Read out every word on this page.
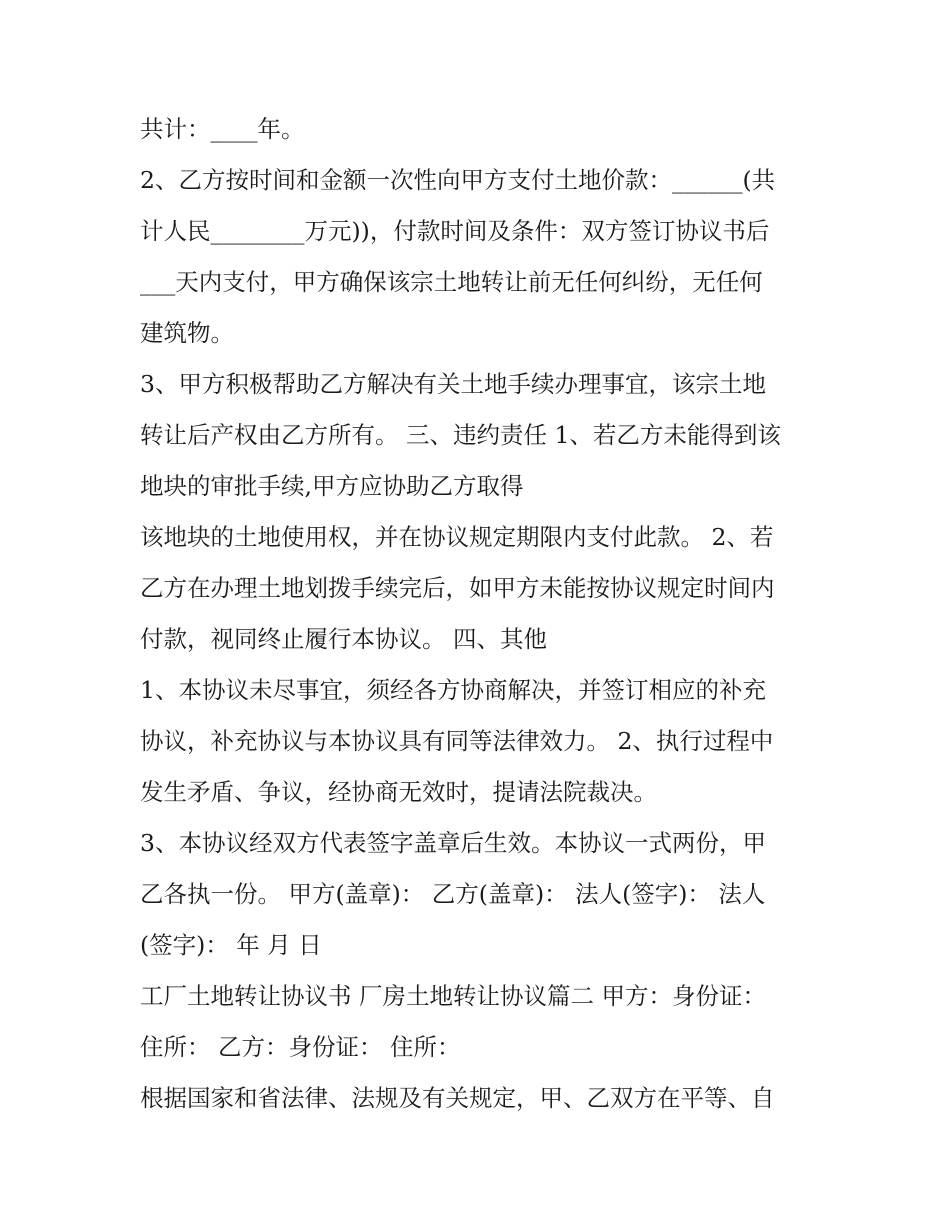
共计：____年。

2、乙方按时间和金额一次性向甲方支付土地价款：______(共

计人民________万元))，付款时间及条件：双方签订协议书后

___天内支付，甲方确保该宗土地转让前无任何纠纷，无任何

建筑物。

3、甲方积极帮助乙方解决有关土地手续办理事宜，该宗土地

转让后产权由乙方所有。 三、违约责任 1、若乙方未能得到该

地块的审批手续,甲方应协助乙方取得

该地块的土地使用权，并在协议规定期限内支付此款。 2、若

乙方在办理土地划拨手续完后，如甲方未能按协议规定时间内

付款，视同终止履行本协议。 四、其他

1、本协议未尽事宜，须经各方协商解决，并签订相应的补充

协议，补充协议与本协议具有同等法律效力。 2、执行过程中

发生矛盾、争议，经协商无效时，提请法院裁决。

3、本协议经双方代表签字盖章后生效。本协议一式两份，甲

乙各执一份。 甲方(盖章)： 乙方(盖章)： 法人(签字)： 法人

(签字)： 年 月 日

工厂土地转让协议书 厂房土地转让协议篇二 甲方：身份证：

住所： 乙方：身份证： 住所：

根据国家和省法律、法规及有关规定，甲、乙双方在平等、自
